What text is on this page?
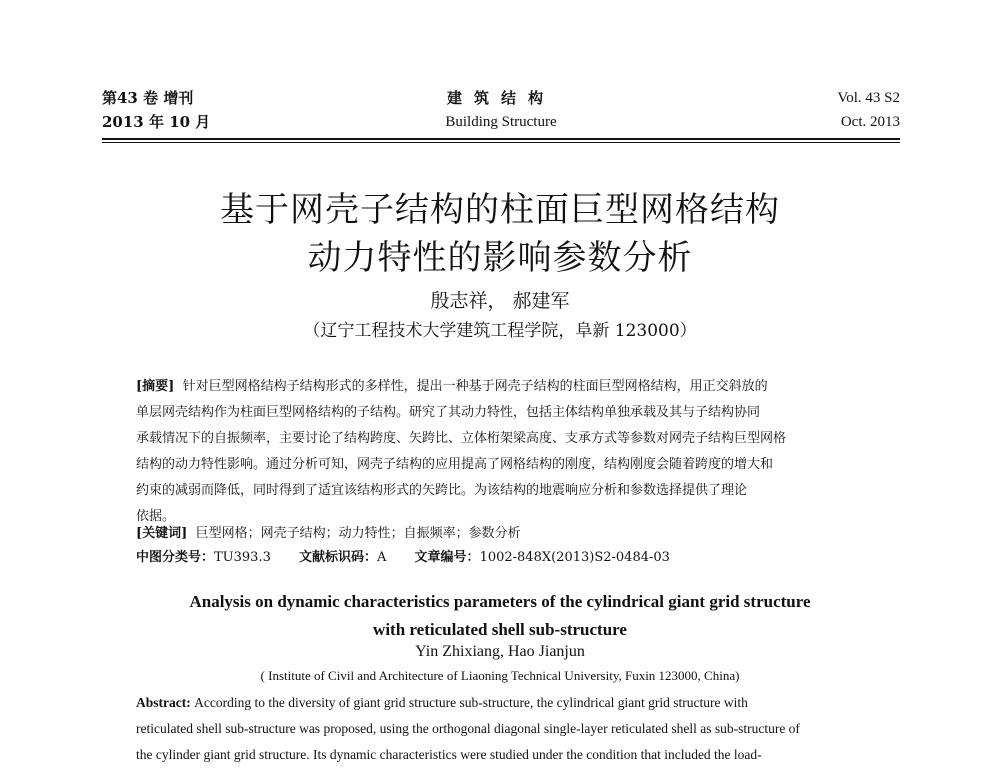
第43 卷 增刊
2013 年 10 月
建筑结构
Building Structure
Vol. 43 S2
Oct. 2013
基于网壳子结构的柱面巨型网格结构
动力特性的影响参数分析
殷志祥， 郝建军
（辽宁工程技术大学建筑工程学院，阜新 123000）
[摘要] 针对巨型网格结构子结构形式的多样性，提出一种基于网壳子结构的柱面巨型网格结构，用正交斜放的
单层网壳结构作为柱面巨型网格结构的子结构。研究了其动力特性，包括主体结构单独承载及其与子结构协同
承载情况下的自振频率，主要讨论了结构跨度、矢跨比、立体桁架梁高度、支承方式等参数对网壳子结构巨型网格
结构的动力特性影响。通过分析可知，网壳子结构的应用提高了网格结构的刚度，结构刚度会随着跨度的增大和
约束的减弱而降低，同时得到了适宜该结构形式的矢跨比。为该结构的地震响应分析和参数选择提供了理论
依据。
[关键词] 巨型网格；网壳子结构；动力特性；自振频率；参数分析
中图分类号：TU393.3 文献标识码：A 文章编号：1002-848X(2013)S2-0484-03
Analysis on dynamic characteristics parameters of the cylindrical giant grid structure
with reticulated shell sub-structure
Yin Zhixiang, Hao Jianjun
( Institute of Civil and Architecture of Liaoning Technical University, Fuxin 123000, China)
Abstract: According to the diversity of giant grid structure sub-structure, the cylindrical giant grid structure with
reticulated shell sub-structure was proposed, using the orthogonal diagonal single-layer reticulated shell as sub-structure of
the cylinder giant grid structure. Its dynamic characteristics were studied under the condition that included the load-
